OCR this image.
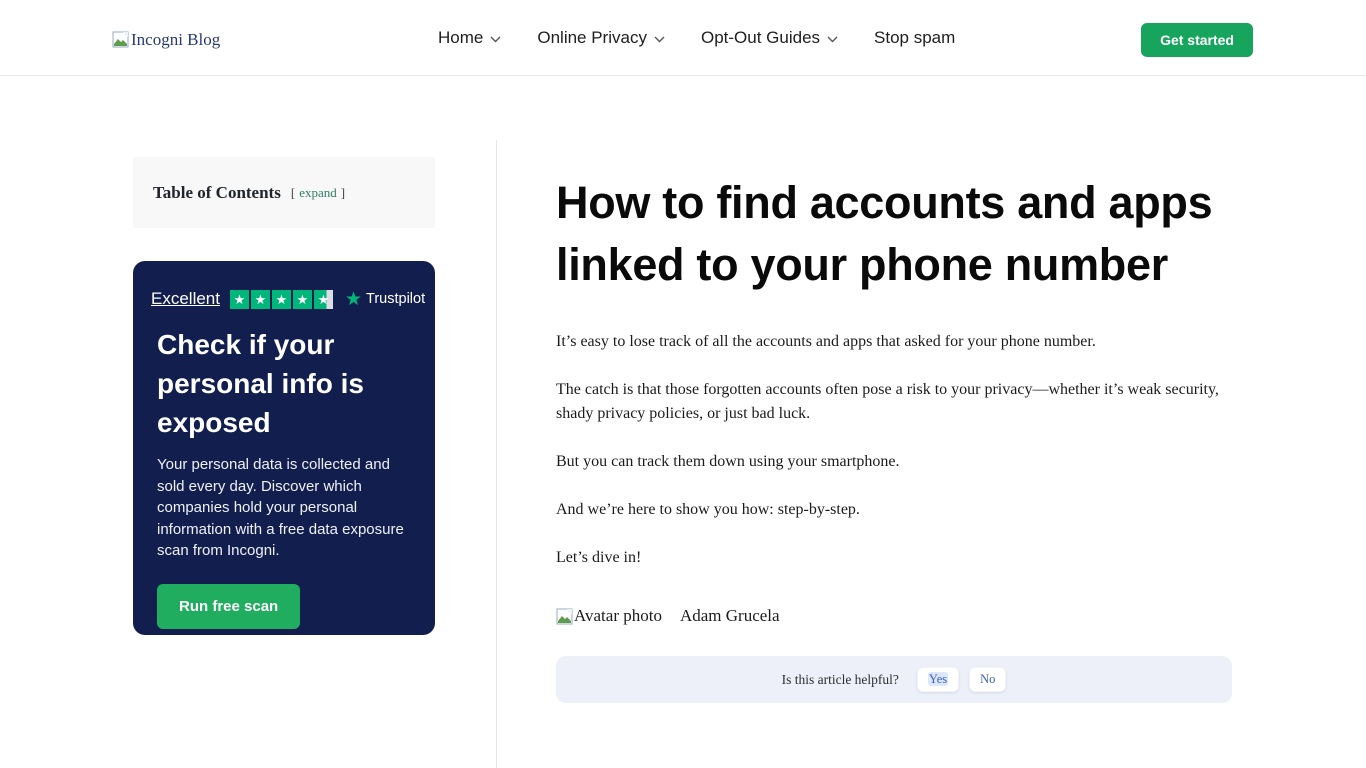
Incogni Blog	Home	Online Privacy	Opt-Out Guides	Stop spam	Get started
Table of Contents [ expand ]
Excellent ★ ★ ★ ★ ★ ★ Trustpilot
Check if your personal info is exposed
Your personal data is collected and sold every day. Discover which companies hold your personal information with a free data exposure scan from Incogni.
Run free scan
How to find accounts and apps linked to your phone number

It’s easy to lose track of all the accounts and apps that asked for your phone number.

The catch is that those forgotten accounts often pose a risk to your privacy—whether it’s weak security, shady privacy policies, or just bad luck.

But you can track them down using your smartphone.

And we’re here to show you how: step-by-step.

Let’s dive in!

Avatar photo Adam Grucela
Is this article helpful?	Yes	No
